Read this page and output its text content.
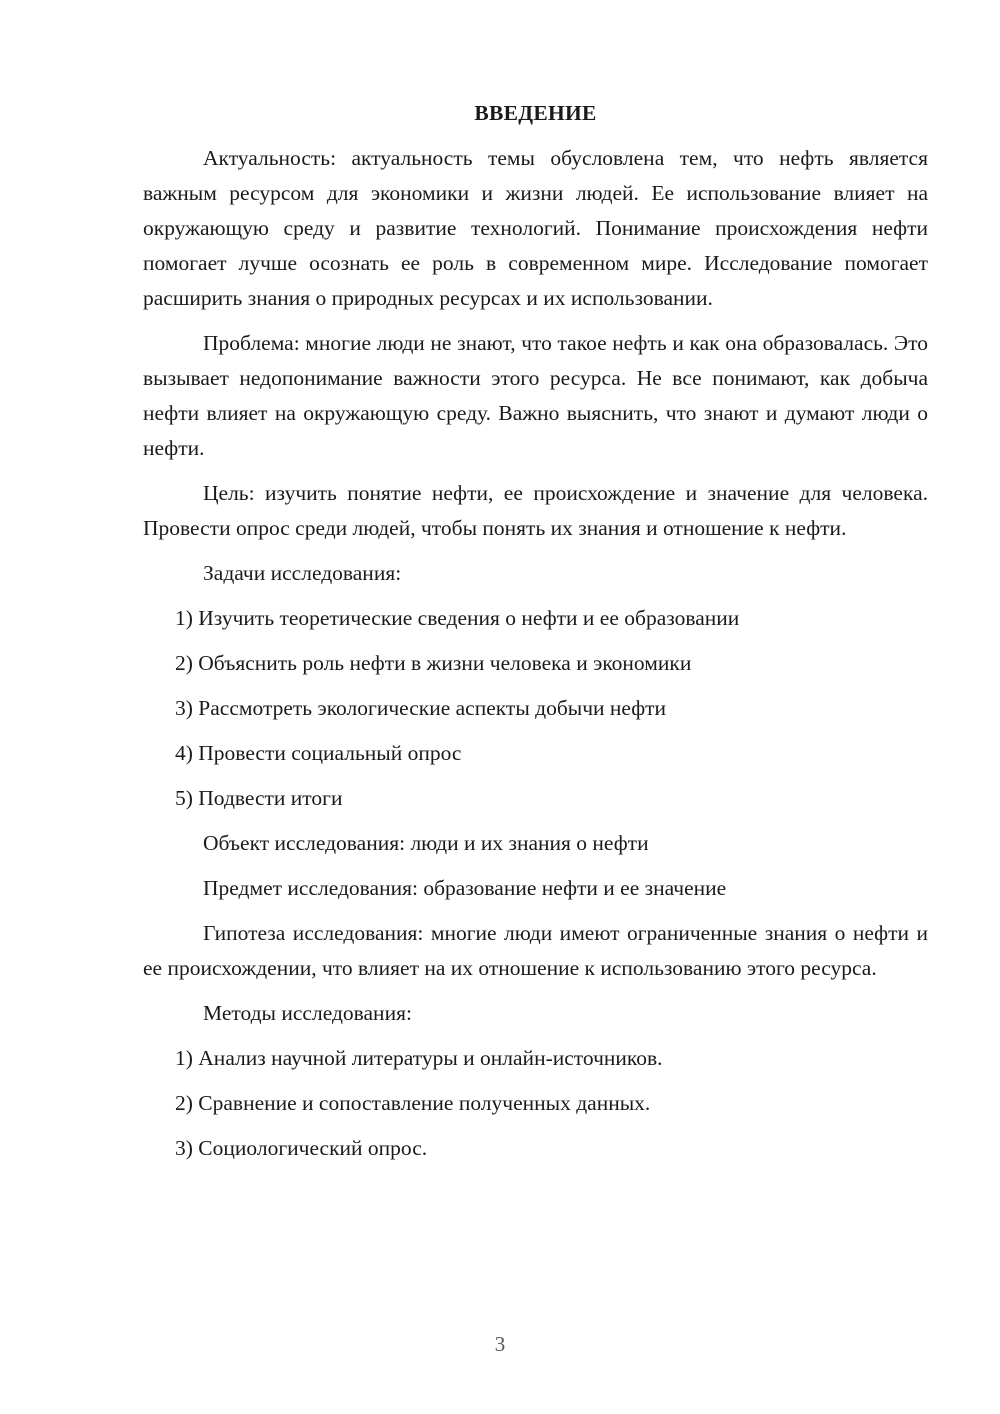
ВВЕДЕНИЕ

Актуальность: актуальность темы обусловлена тем, что нефть является важным ресурсом для экономики и жизни людей. Ее использование влияет на окружающую среду и развитие технологий. Понимание происхождения нефти помогает лучше осознать ее роль в современном мире. Исследование помогает расширить знания о природных ресурсах и их использовании.

Проблема: многие люди не знают, что такое нефть и как она образовалась. Это вызывает недопонимание важности этого ресурса. Не все понимают, как добыча нефти влияет на окружающую среду. Важно выяснить, что знают и думают люди о нефти.

Цель: изучить понятие нефти, ее происхождение и значение для человека. Провести опрос среди людей, чтобы понять их знания и отношение к нефти.

Задачи исследования:
1) Изучить теоретические сведения о нефти и ее образовании
2) Объяснить роль нефти в жизни человека и экономики
3) Рассмотреть экологические аспекты добычи нефти
4) Провести социальный опрос
5) Подвести итоги
Объект исследования: люди и их знания о нефти
Предмет исследования: образование нефти и ее значение

Гипотеза исследования: многие люди имеют ограниченные знания о нефти и ее происхождении, что влияет на их отношение к использованию этого ресурса.

Методы исследования:
1) Анализ научной литературы и онлайн-источников.
2) Сравнение и сопоставление полученных данных.
3) Социологический опрос.
3
